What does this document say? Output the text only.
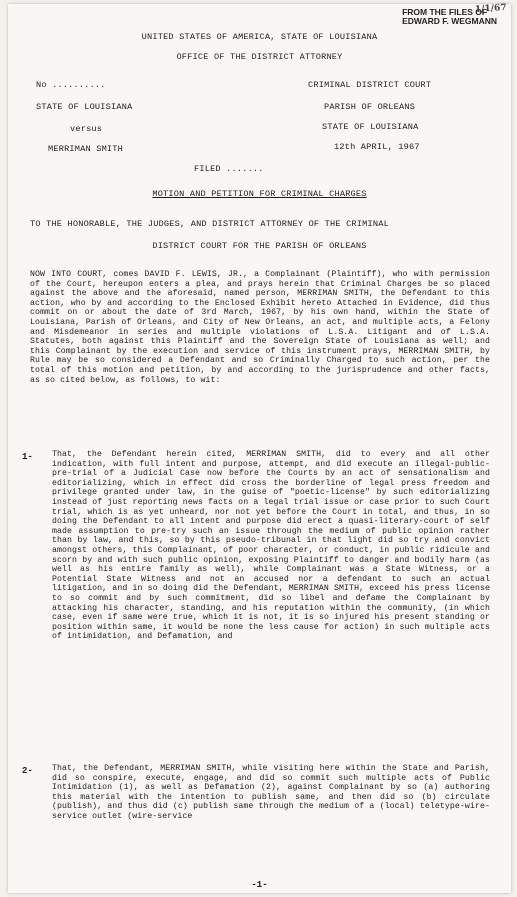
FROM THE FILES OF
EDWARD F. WEGMANN
1/1/67
UNITED STATES OF AMERICA, STATE OF LOUISIANA
OFFICE OF THE DISTRICT ATTORNEY
No ..........
STATE OF LOUISIANA
versus
MERRIMAN SMITH
CRIMINAL DISTRICT COURT
PARISH OF ORLEANS
STATE OF LOUISIANA
12th APRIL, 1967
FILED .......
MOTION AND PETITION FOR CRIMINAL CHARGES
TO THE HONORABLE, THE JUDGES, AND DISTRICT ATTORNEY OF THE CRIMINAL
DISTRICT COURT FOR THE PARISH OF ORLEANS
NOW INTO COURT, comes DAVID F. LEWIS, JR., a Complainant (Plaintiff), who with permission of the Court, hereupon enters a plea, and prays herein that Criminal Charges be so placed against the above and the aforesaid, named person, MERRIMAN SMITH, the Defendant to this action, who by and according to the Enclosed Exhibit hereto Attached in Evidence, did thus commit on or about the date of 3rd March, 1967, by his own hand, within the State of Louisiana, Parish of Orleans, and City of New Orleans, an act, and multiple acts, a Felony and Misdemeanor in series and multiple violations of L.S.A. Litigant and of L.S.A. Statutes, both against this Plaintiff and the Sovereign State of Louisiana as well; and this Complainant by the execution and service of this instrument prays, MERRIMAN SMITH, by Rule may be so considered a Defendant and so Criminally Charged to such action, per the total of this motion and petition, by and according to the jurisprudence and other facts, as so cited below, as follows, to wit:
1- That, the Defendant herein cited, MERRIMAN SMITH, did to every and all other indication, with full intent and purpose, attempt, and did execute an illegal-public-pre-trial of a Judicial Case now before the Courts by an act of sensationalism and editorializing, which in effect did cross the borderline of legal press freedom and privilege granted under law, in the guise of "poetic-license" by such editorializing instead of just reporting news facts on a legal trial issue or case prior to such Court trial, which is as yet unheard, nor not yet before the Court in total, and thus, in so doing the Defendant to all intent and purpose did erect a quasi-literary-court of self made assumption to pre-try such an issue through the medium of public opinion rather than by law, and this, so by this pseudo-tribunal in that light did so try and convict amongst others, this Complainant, of poor character, or conduct, in public ridicule and scorn by and with such public opinion, exposing Plaintiff to danger and bodily harm (as well as his entire family as well), while Complainant was a State Witness, or a Potential State Witness and not an accused nor a defendant to such an actual litigation, and in so doing did the Defendant, MERRIMAN SMITH, exceed his press license to so commit and by such commitment, did so libel and defame the Complainant by attacking his character, standing, and his reputation within the community, (in which case, even if same were true, which it is not, it is so injured his present standing or position within same, it would be none the less cause for action) in such multiple acts of intimidation, and Defamation, and
2- That, the Defendant, MERRIMAN SMITH, while visiting here within the State and Parish, did so conspire, execute, engage, and did so commit such multiple acts of Public Intimidation (1), as well as Defamation (2), against Complainant by so (a) authoring this material with the intention to publish same, and then did so (b) circulate (publish), and thus did (c) publish same through the medium of a (local) teletype-wire-service outlet (wire-service
-1-
